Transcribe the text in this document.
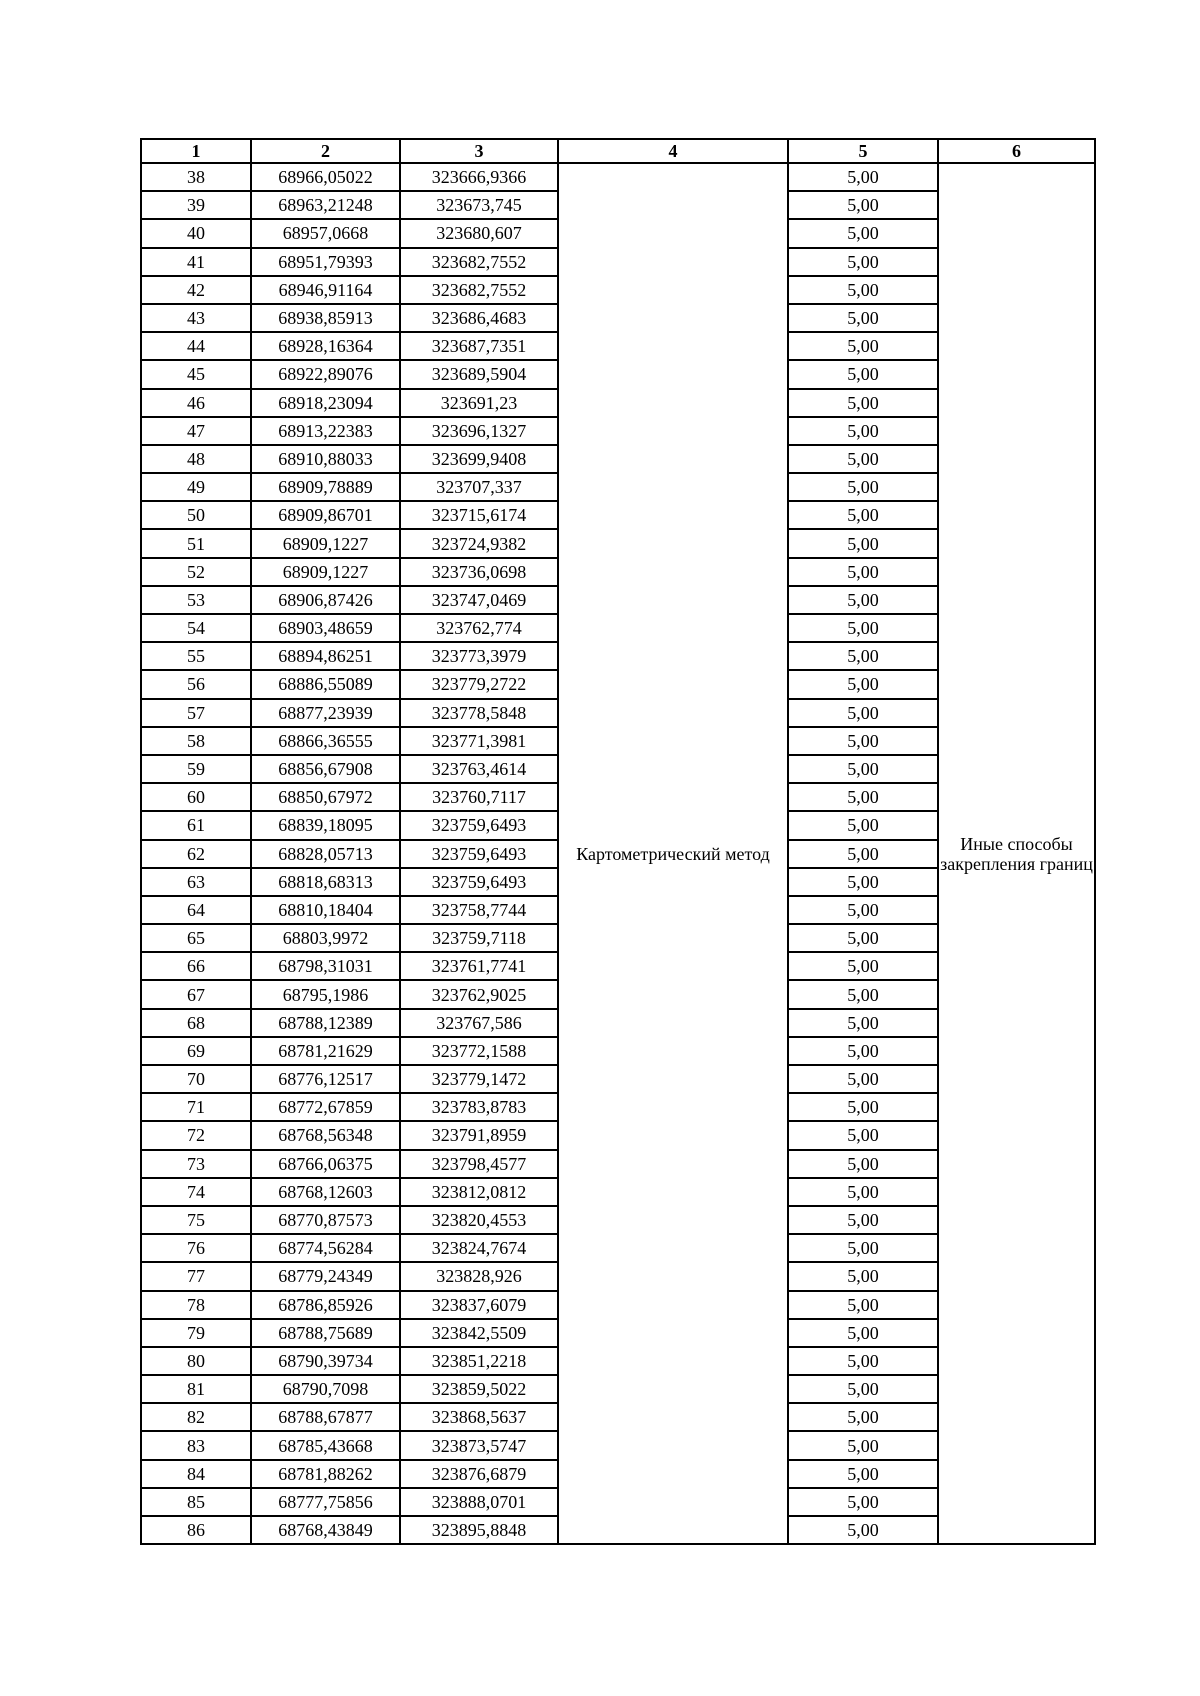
1	2	3	4	5	6
38	68966,05022	323666,9366	Картометрический метод	5,00	Иные способы закрепления границ
39	68963,21248	323673,745		5,00	
40	68957,0668	323680,607		5,00	
41	68951,79393	323682,7552		5,00	
42	68946,91164	323682,7552		5,00	
43	68938,85913	323686,4683		5,00	
44	68928,16364	323687,7351		5,00	
45	68922,89076	323689,5904		5,00	
46	68918,23094	323691,23		5,00	
47	68913,22383	323696,1327		5,00	
48	68910,88033	323699,9408		5,00	
49	68909,78889	323707,337		5,00	
50	68909,86701	323715,6174		5,00	
51	68909,1227	323724,9382		5,00	
52	68909,1227	323736,0698		5,00	
53	68906,87426	323747,0469		5,00	
54	68903,48659	323762,774		5,00	
55	68894,86251	323773,3979		5,00	
56	68886,55089	323779,2722		5,00	
57	68877,23939	323778,5848		5,00	
58	68866,36555	323771,3981		5,00	
59	68856,67908	323763,4614		5,00	
60	68850,67972	323760,7117		5,00	
61	68839,18095	323759,6493		5,00	
62	68828,05713	323759,6493		5,00	
63	68818,68313	323759,6493		5,00	
64	68810,18404	323758,7744		5,00	
65	68803,9972	323759,7118		5,00	
66	68798,31031	323761,7741		5,00	
67	68795,1986	323762,9025		5,00	
68	68788,12389	323767,586		5,00	
69	68781,21629	323772,1588		5,00	
70	68776,12517	323779,1472		5,00	
71	68772,67859	323783,8783		5,00	
72	68768,56348	323791,8959		5,00	
73	68766,06375	323798,4577		5,00	
74	68768,12603	323812,0812		5,00	
75	68770,87573	323820,4553		5,00	
76	68774,56284	323824,7674		5,00	
77	68779,24349	323828,926		5,00	
78	68786,85926	323837,6079		5,00	
79	68788,75689	323842,5509		5,00	
80	68790,39734	323851,2218		5,00	
81	68790,7098	323859,5022		5,00	
82	68788,67877	323868,5637		5,00	
83	68785,43668	323873,5747		5,00	
84	68781,88262	323876,6879		5,00	
85	68777,75856	323888,0701		5,00	
86	68768,43849	323895,8848		5,00	
